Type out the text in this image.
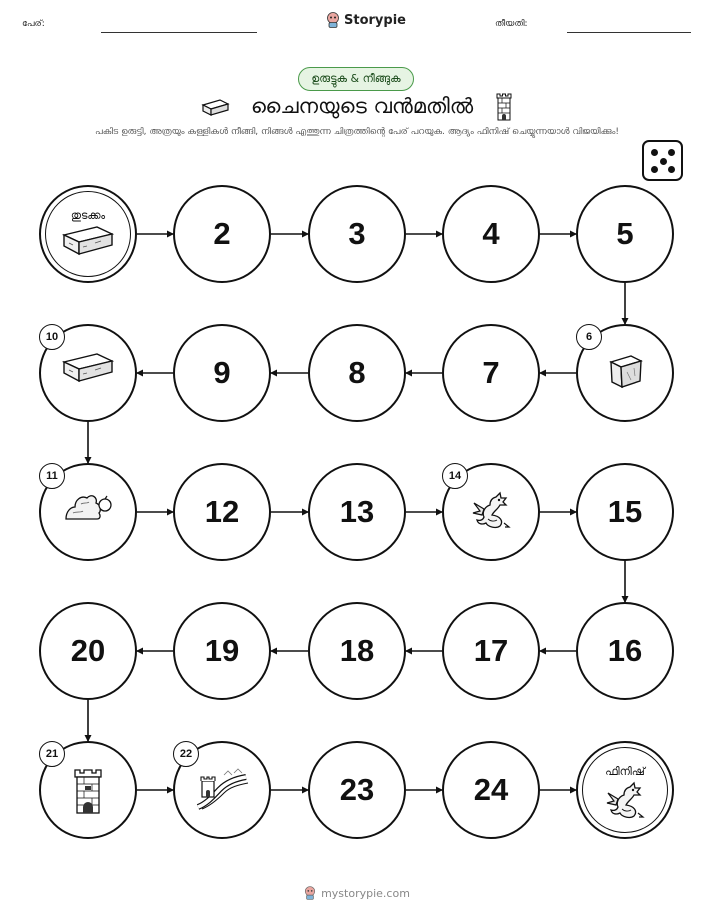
പേര്:	Storypie	തീയതി:
ഉരുട്ടുക & നീങ്ങുക
ചൈനയുടെ വൻമതിൽ
പകിട ഉരുട്ടി, അത്രയും കള്ളികൾ നീങ്ങി, നിങ്ങൾ എത്തുന്ന ചിത്രത്തിന്റെ പേര് പറയുക. ആദ്യം ഫിനിഷ് ചെയ്യുന്നയാൾ വിജയിക്കും!
തുടക്കം
2	3	4	5
6
7
8
9
10
11
12	13
14
15
16
17
18
19
20
21	22
23	24
ഫിനിഷ്
mystorypie.com
